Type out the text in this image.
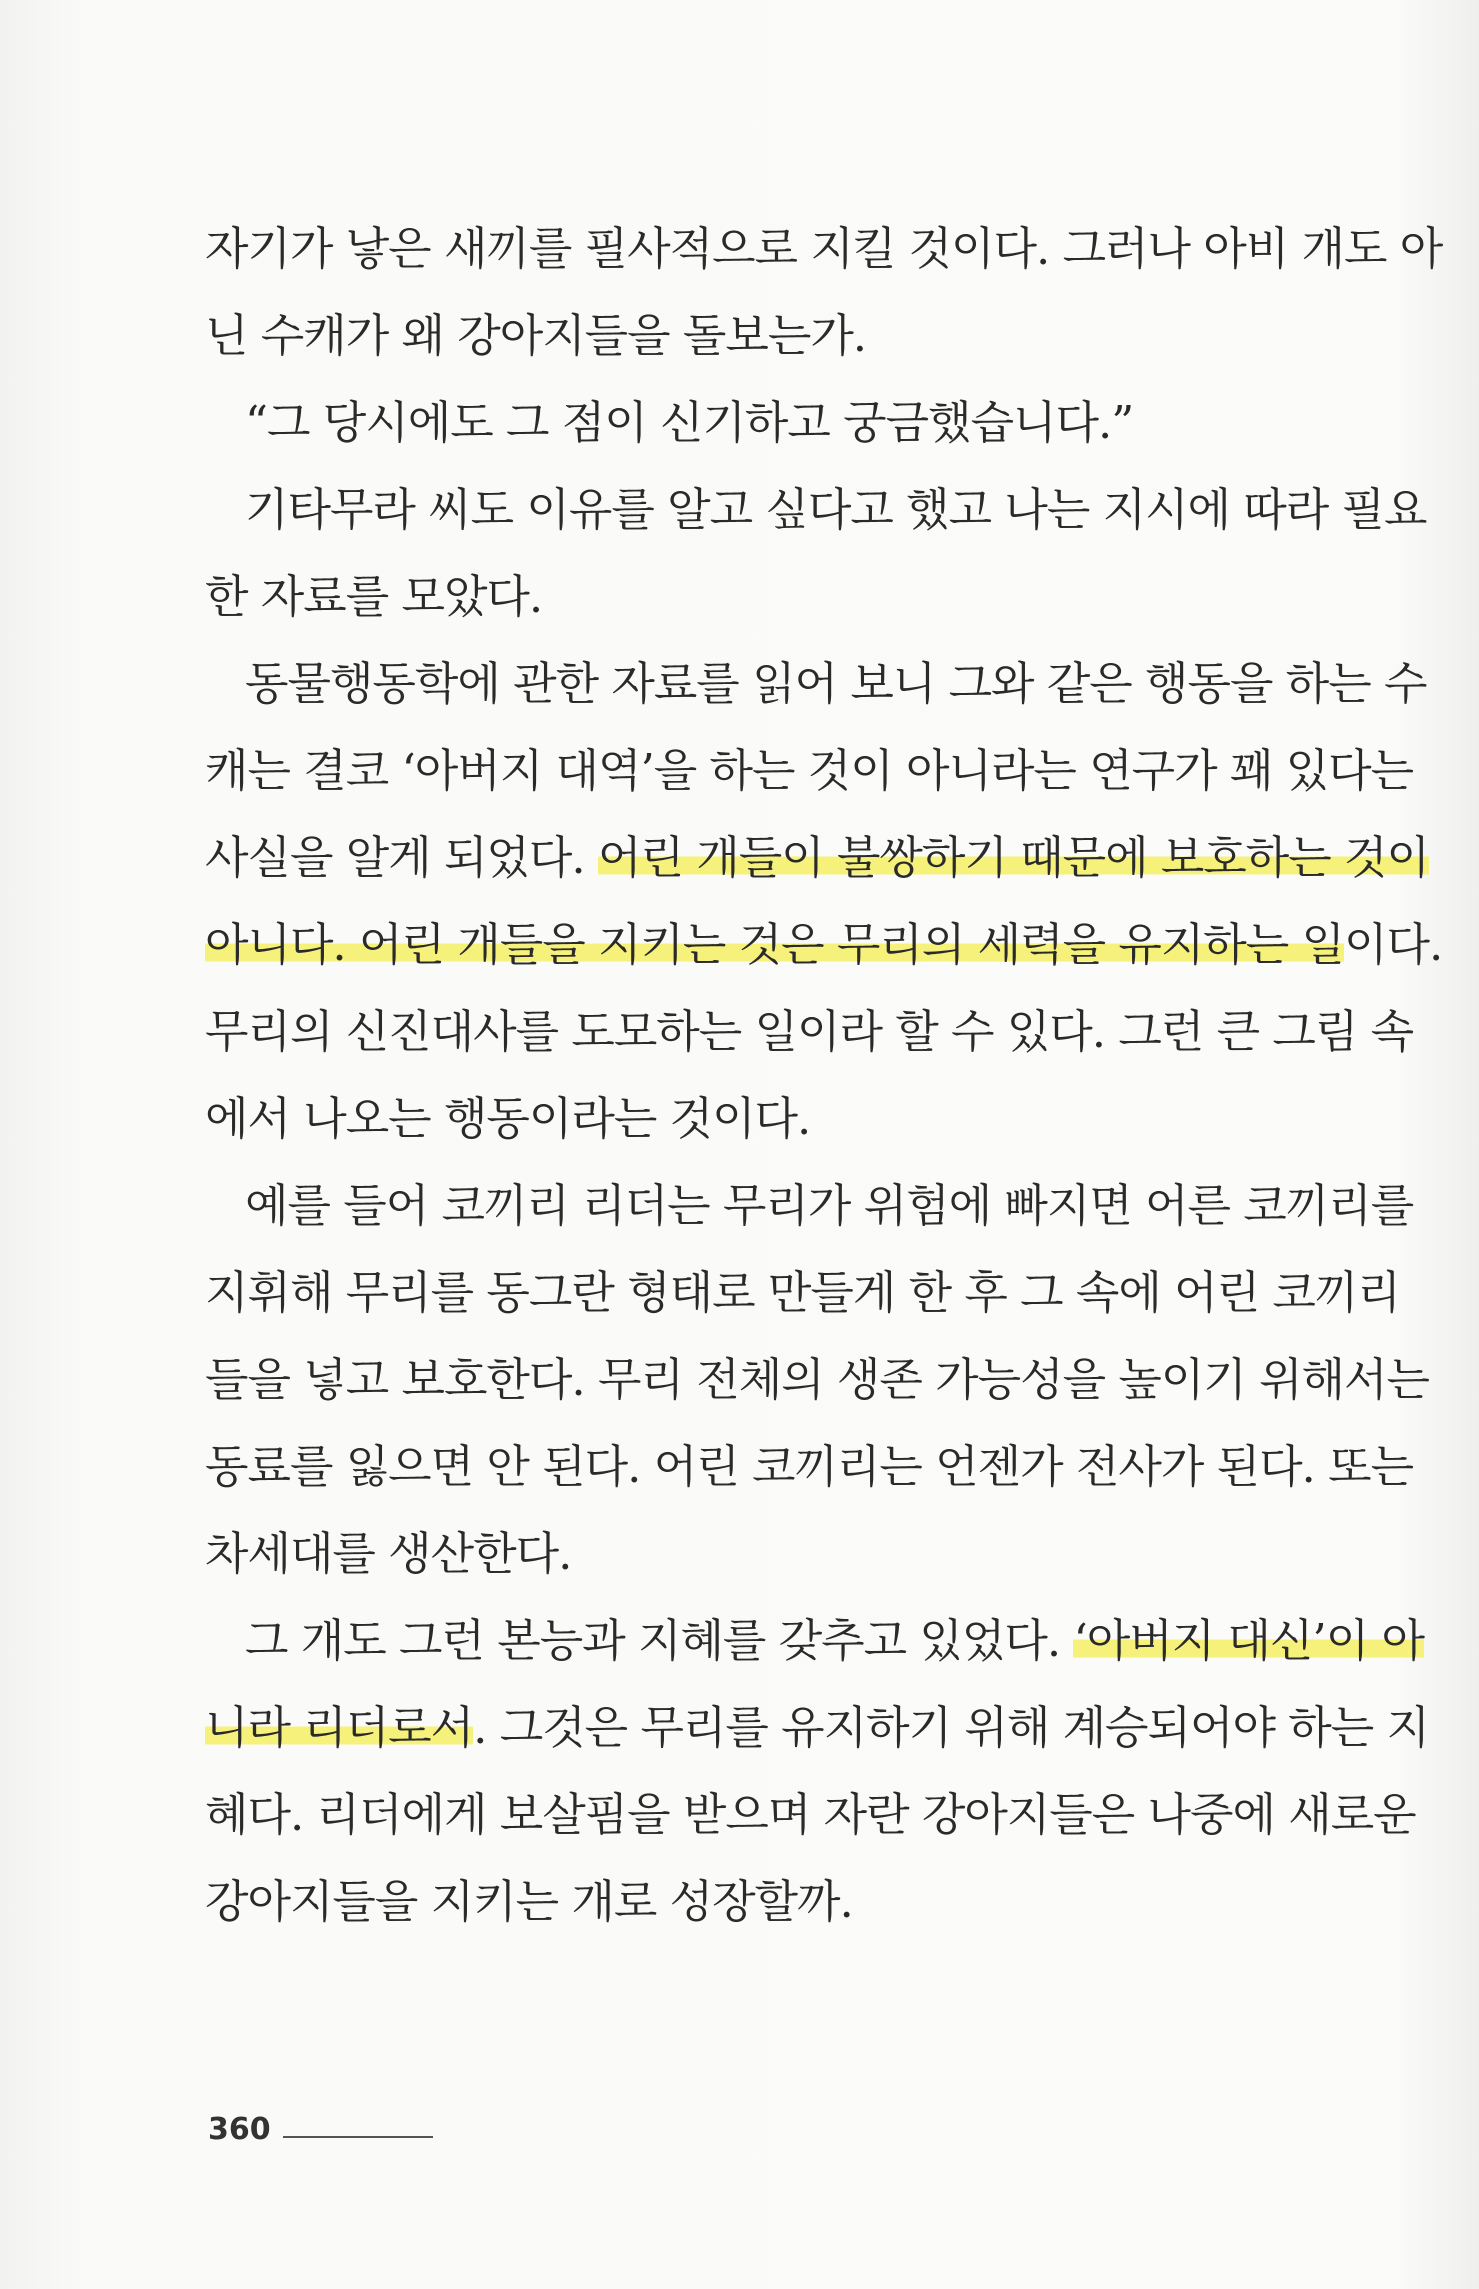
자기가 낳은 새끼를 필사적으로 지킬 것이다. 그러나 아비 개도 아
닌 수캐가 왜 강아지들을 돌보는가.
“그 당시에도 그 점이 신기하고 궁금했습니다.”
기타무라 씨도 이유를 알고 싶다고 했고 나는 지시에 따라 필요
한 자료를 모았다.
동물행동학에 관한 자료를 읽어 보니 그와 같은 행동을 하는 수
캐는 결코 ‘아버지 대역’을 하는 것이 아니라는 연구가 꽤 있다는
사실을 알게 되었다. 어린 개들이 불쌍하기 때문에 보호하는 것이
아니다. 어린 개들을 지키는 것은 무리의 세력을 유지하는 일이다.
무리의 신진대사를 도모하는 일이라 할 수 있다. 그런 큰 그림 속
에서 나오는 행동이라는 것이다.
예를 들어 코끼리 리더는 무리가 위험에 빠지면 어른 코끼리를
지휘해 무리를 동그란 형태로 만들게 한 후 그 속에 어린 코끼리
들을 넣고 보호한다. 무리 전체의 생존 가능성을 높이기 위해서는
동료를 잃으면 안 된다. 어린 코끼리는 언젠가 전사가 된다. 또는
차세대를 생산한다.
그 개도 그런 본능과 지혜를 갖추고 있었다. ‘아버지 대신’이 아
니라 리더로서. 그것은 무리를 유지하기 위해 계승되어야 하는 지
혜다. 리더에게 보살핌을 받으며 자란 강아지들은 나중에 새로운
강아지들을 지키는 개로 성장할까.
360
